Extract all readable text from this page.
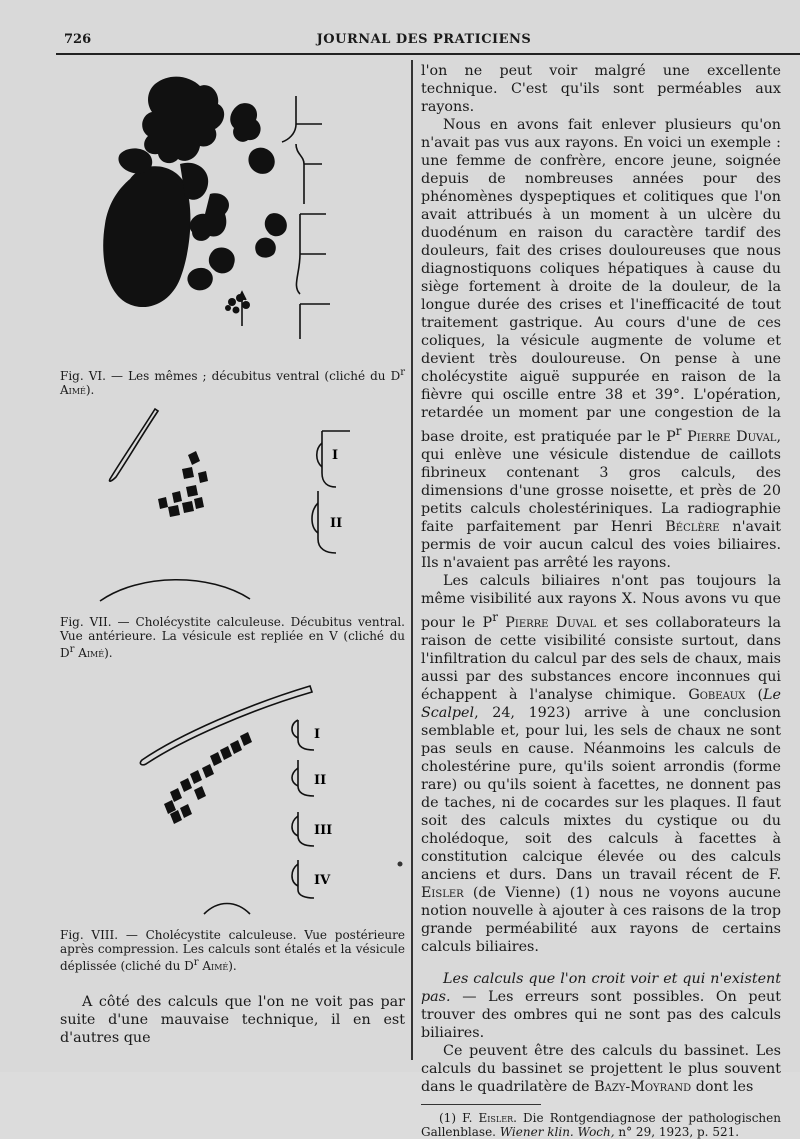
726	JOURNAL DES PRATICIENS

Fig. VI. — Les mêmes ; décubitus ventral (cliché du $D^r$ Aimé).

I
II

Fig. VII. — Cholécystite calculeuse. Décubitus ventral. Vue antérieure. La vésicule est repliée en V (cliché du $D^r$ Aimé).

I
II
III
IV

Fig. VIII. — Cholécystite calculeuse. Vue postérieure après compression. Les calculs sont étalés et la vésicule déplissée (cliché du $D^r$ Aimé).

A côté des calculs que l'on ne voit pas par suite d'une mauvaise technique, il en est d'autres que

l'on ne peut voir malgré une excellente technique. C'est qu'ils sont perméables aux rayons.

Nous en avons fait enlever plusieurs qu'on n'avait pas vus aux rayons. En voici un exemple : une femme de confrère, encore jeune, soignée depuis de nombreuses années pour des phénomènes dyspeptiques et colitiques que l'on avait attribués à un moment à un ulcère du duodénum en raison du caractère tardif des douleurs, fait des crises douloureuses que nous diagnostiquons coliques hépatiques à cause du siège fortement à droite de la douleur, de la longue durée des crises et l'inefficacité de tout traitement gastrique. Au cours d'une de ces coliques, la vésicule augmente de volume et devient très douloureuse. On pense à une cholécystite aiguë suppurée en raison de la fièvre qui oscille entre 38 et 39°. L'opération, retardée un moment par une congestion de la base droite, est pratiquée par le $P^r$ Pierre Duval, qui enlève une vésicule distendue de caillots fibrineux contenant 3 gros calculs, des dimensions d'une grosse noisette, et près de 20 petits calculs cholestériniques. La radiographie faite parfaitement par Henri Béclère n'avait permis de voir aucun calcul des voies biliaires. Ils n'avaient pas arrêté les rayons.

Les calculs biliaires n'ont pas toujours la même visibilité aux rayons X. Nous avons vu que pour le $P^r$ Pierre Duval et ses collaborateurs la raison de cette visibilité consiste surtout, dans l'infiltration du calcul par des sels de chaux, mais aussi par des substances encore inconnues qui échappent à l'analyse chimique. Gobeaux (Le Scalpel, 24, 1923) arrive à une conclusion semblable et, pour lui, les sels de chaux ne sont pas seuls en cause. Néanmoins les calculs de cholestérine pure, qu'ils soient arrondis (forme rare) ou qu'ils soient à facettes, ne donnent pas de taches, ni de cocardes sur les plaques. Il faut soit des calculs mixtes du cystique ou du cholédoque, soit des calculs à facettes à constitution calcique élevée ou des calculs anciens et durs. Dans un travail récent de F. Eisler (de Vienne) (1) nous ne voyons aucune notion nouvelle à ajouter à ces raisons de la trop grande perméabilité aux rayons de certains calculs biliaires.

Les calculs que l'on croit voir et qui n'existent pas. — Les erreurs sont possibles. On peut trouver des ombres qui ne sont pas des calculs biliaires.

Ce peuvent être des calculs du bassinet. Les calculs du bassinet se projettent le plus souvent dans le quadrilatère de Bazy-Moyrand dont les

(1) F. Eisler. Die Rontgendiagnose der pathologischen Gallenblase. Wiener klin. Woch, n° 29, 1923, p. 521.
